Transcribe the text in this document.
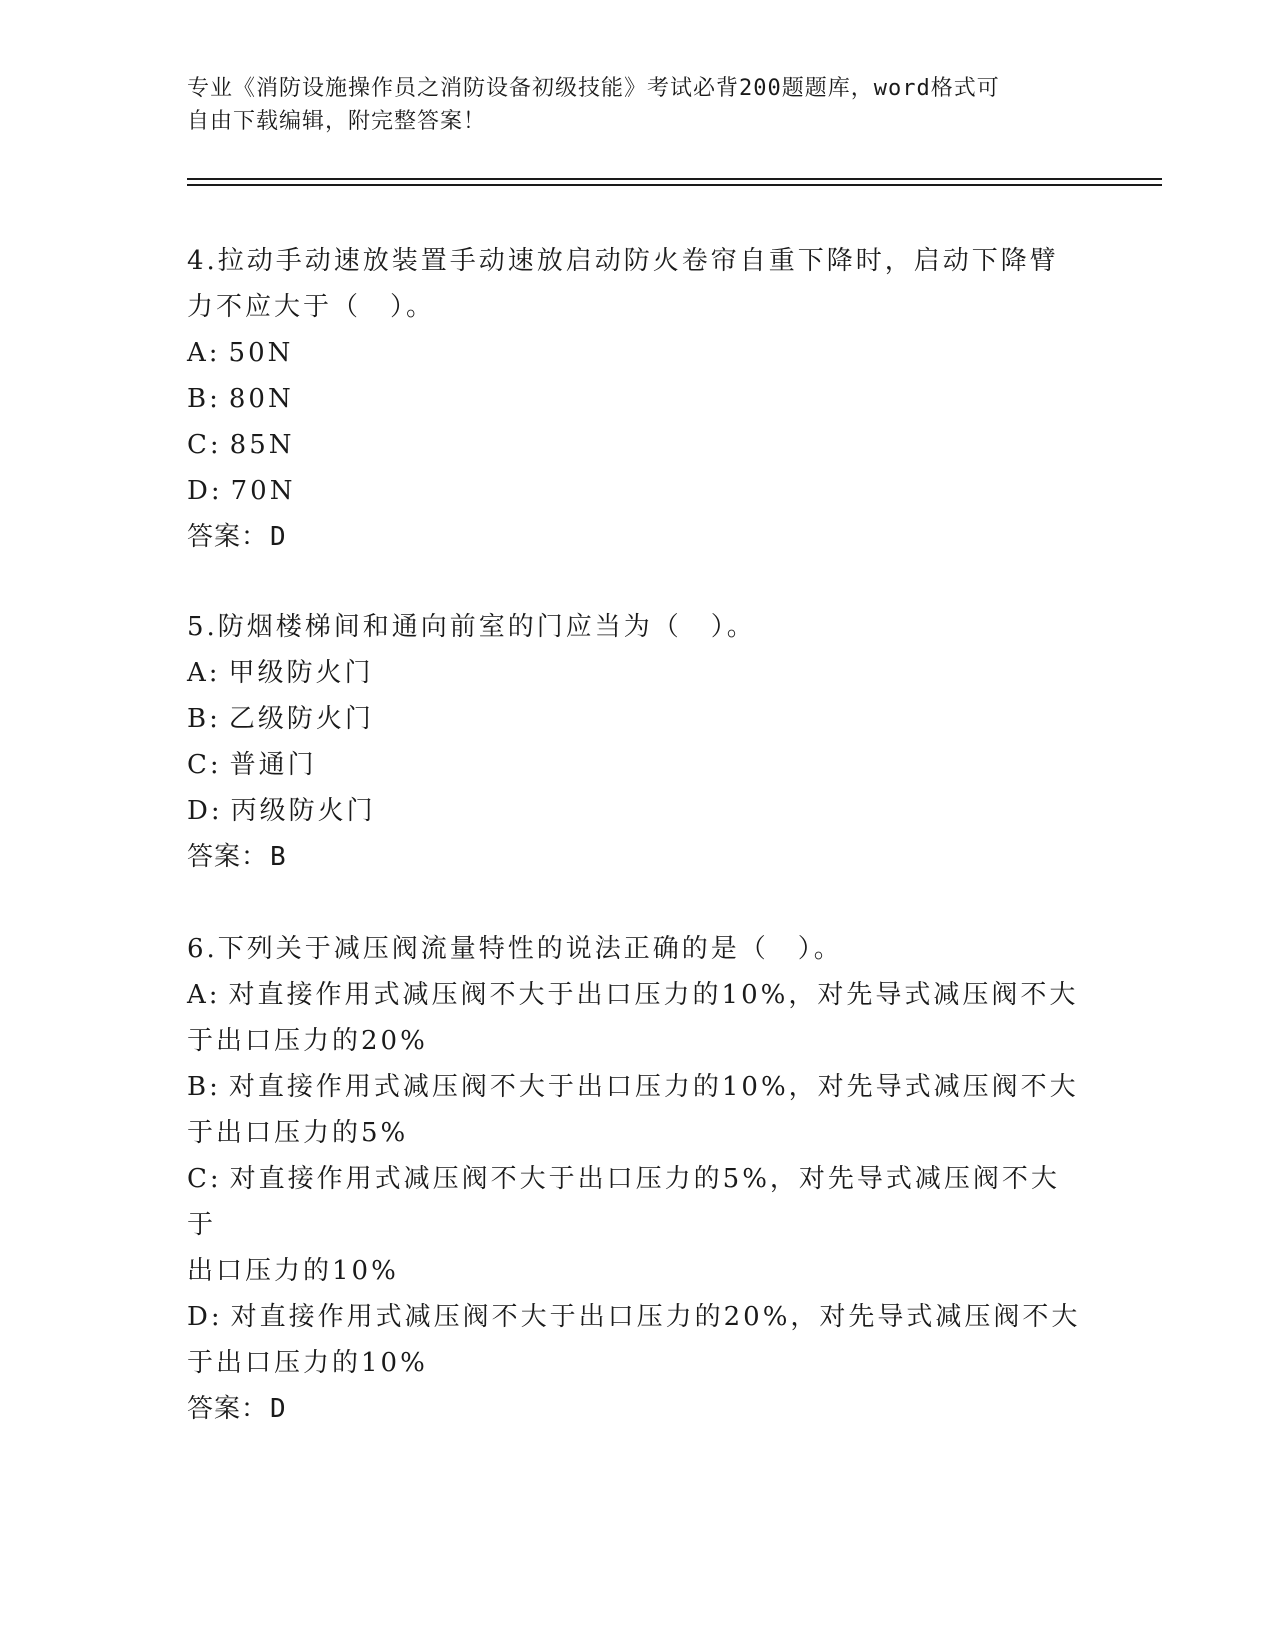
专业《消防设施操作员之消防设备初级技能》考试必背200题题库，word格式可
自由下载编辑，附完整答案！

4.拉动手动速放装置手动速放启动防火卷帘自重下降时，启动下降臂

力不应大于（　）。

A: 50N

B: 80N

C: 85N

D: 70N

答案：D

5.防烟楼梯间和通向前室的门应当为（　）。

A: 甲级防火门

B: 乙级防火门

C: 普通门

D: 丙级防火门

答案：B

6.下列关于减压阀流量特性的说法正确的是（　）。

A: 对直接作用式减压阀不大于出口压力的10%，对先导式减压阀不大

于出口压力的20%

B: 对直接作用式减压阀不大于出口压力的10%，对先导式减压阀不大

于出口压力的5%

C: 对直接作用式减压阀不大于出口压力的5%，对先导式减压阀不大于

出口压力的10%

D: 对直接作用式减压阀不大于出口压力的20%，对先导式减压阀不大

于出口压力的10%

答案：D
